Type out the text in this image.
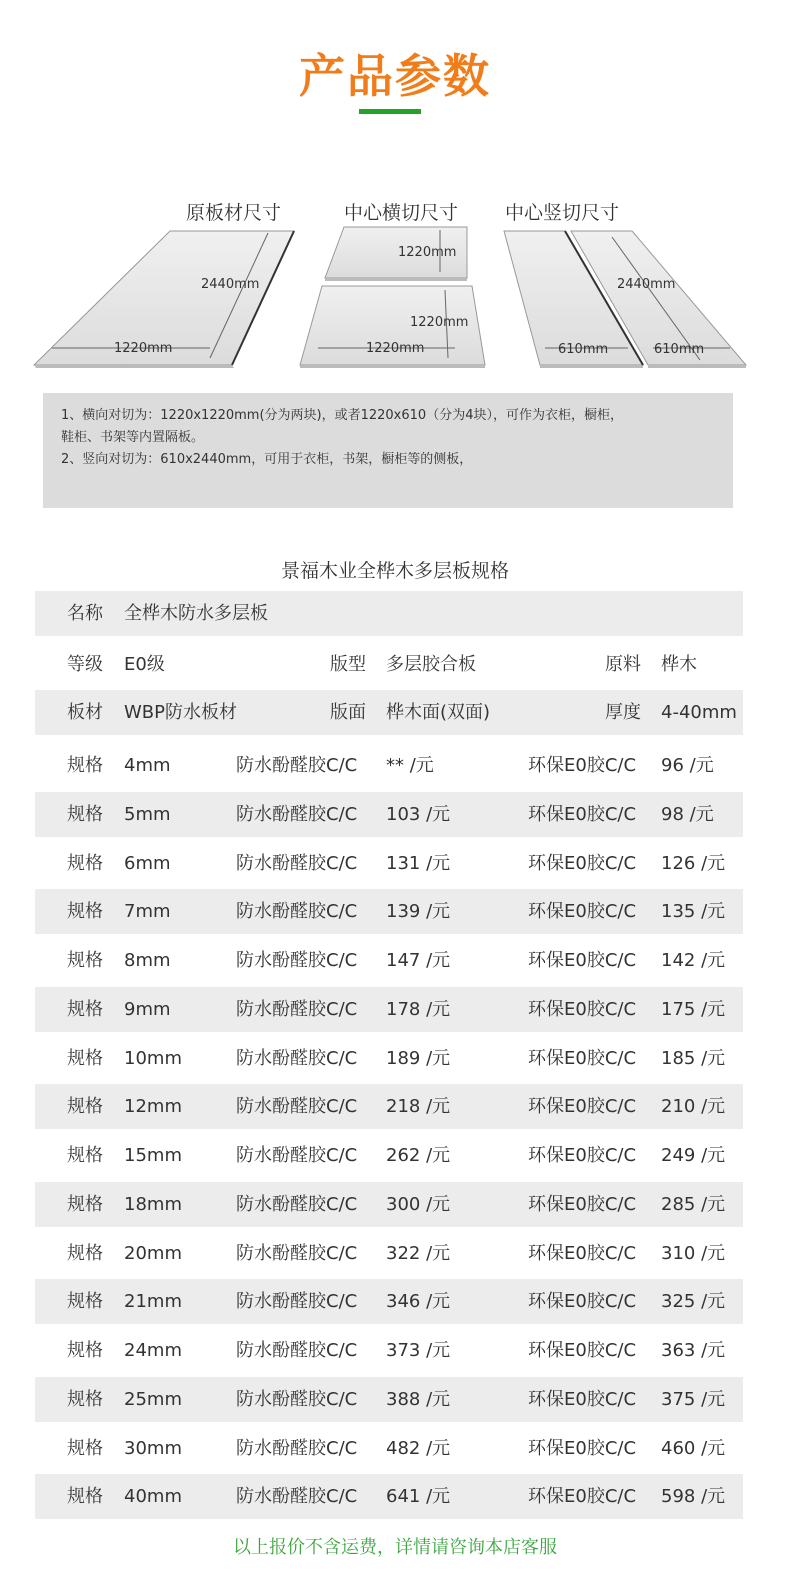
产品参数
原板材尺寸	中心横切尺寸 中心竖切尺寸
2440mm
1220mm
1220mm
1220mm
1220mm
2440mm
610mm	610mm

1、横向对切为：1220x1220mm(分为两块)，或者1220x610（分为4块），可作为衣柜，橱柜，

鞋柜、书架等内置隔板。

2、竖向对切为：610x2440mm，可用于衣柜，书架，橱柜等的侧板，

景福木业全桦木多层板规格
名称 全桦木防水多层板
等级 E0级	版型 多层胶合板	原料 桦木
板材 WBP防水板材	版面 桦木面(双面)	厚度 4-40mm
规格 4mm	防水酚醛胶C/C ** /元	环保E0胶C/C 96 /元
规格 5mm	防水酚醛胶C/C 103 /元	环保E0胶C/C 98 /元
规格 6mm	防水酚醛胶C/C 131 /元	环保E0胶C/C 126 /元
规格 7mm	防水酚醛胶C/C 139 /元	环保E0胶C/C 135 /元
规格 8mm	防水酚醛胶C/C 147 /元	环保E0胶C/C 142 /元
规格 9mm	防水酚醛胶C/C 178 /元	环保E0胶C/C 175 /元
规格 10mm	防水酚醛胶C/C 189 /元	环保E0胶C/C 185 /元
规格 12mm	防水酚醛胶C/C 218 /元	环保E0胶C/C 210 /元
规格 15mm	防水酚醛胶C/C 262 /元	环保E0胶C/C 249 /元
规格 18mm	防水酚醛胶C/C 300 /元	环保E0胶C/C 285 /元
规格 20mm	防水酚醛胶C/C 322 /元	环保E0胶C/C 310 /元
规格 21mm	防水酚醛胶C/C 346 /元	环保E0胶C/C 325 /元
规格 24mm	防水酚醛胶C/C 373 /元	环保E0胶C/C 363 /元
规格 25mm	防水酚醛胶C/C 388 /元	环保E0胶C/C 375 /元
规格 30mm	防水酚醛胶C/C 482 /元	环保E0胶C/C 460 /元
规格 40mm	防水酚醛胶C/C 641 /元	环保E0胶C/C 598 /元
以上报价不含运费，详情请咨询本店客服
